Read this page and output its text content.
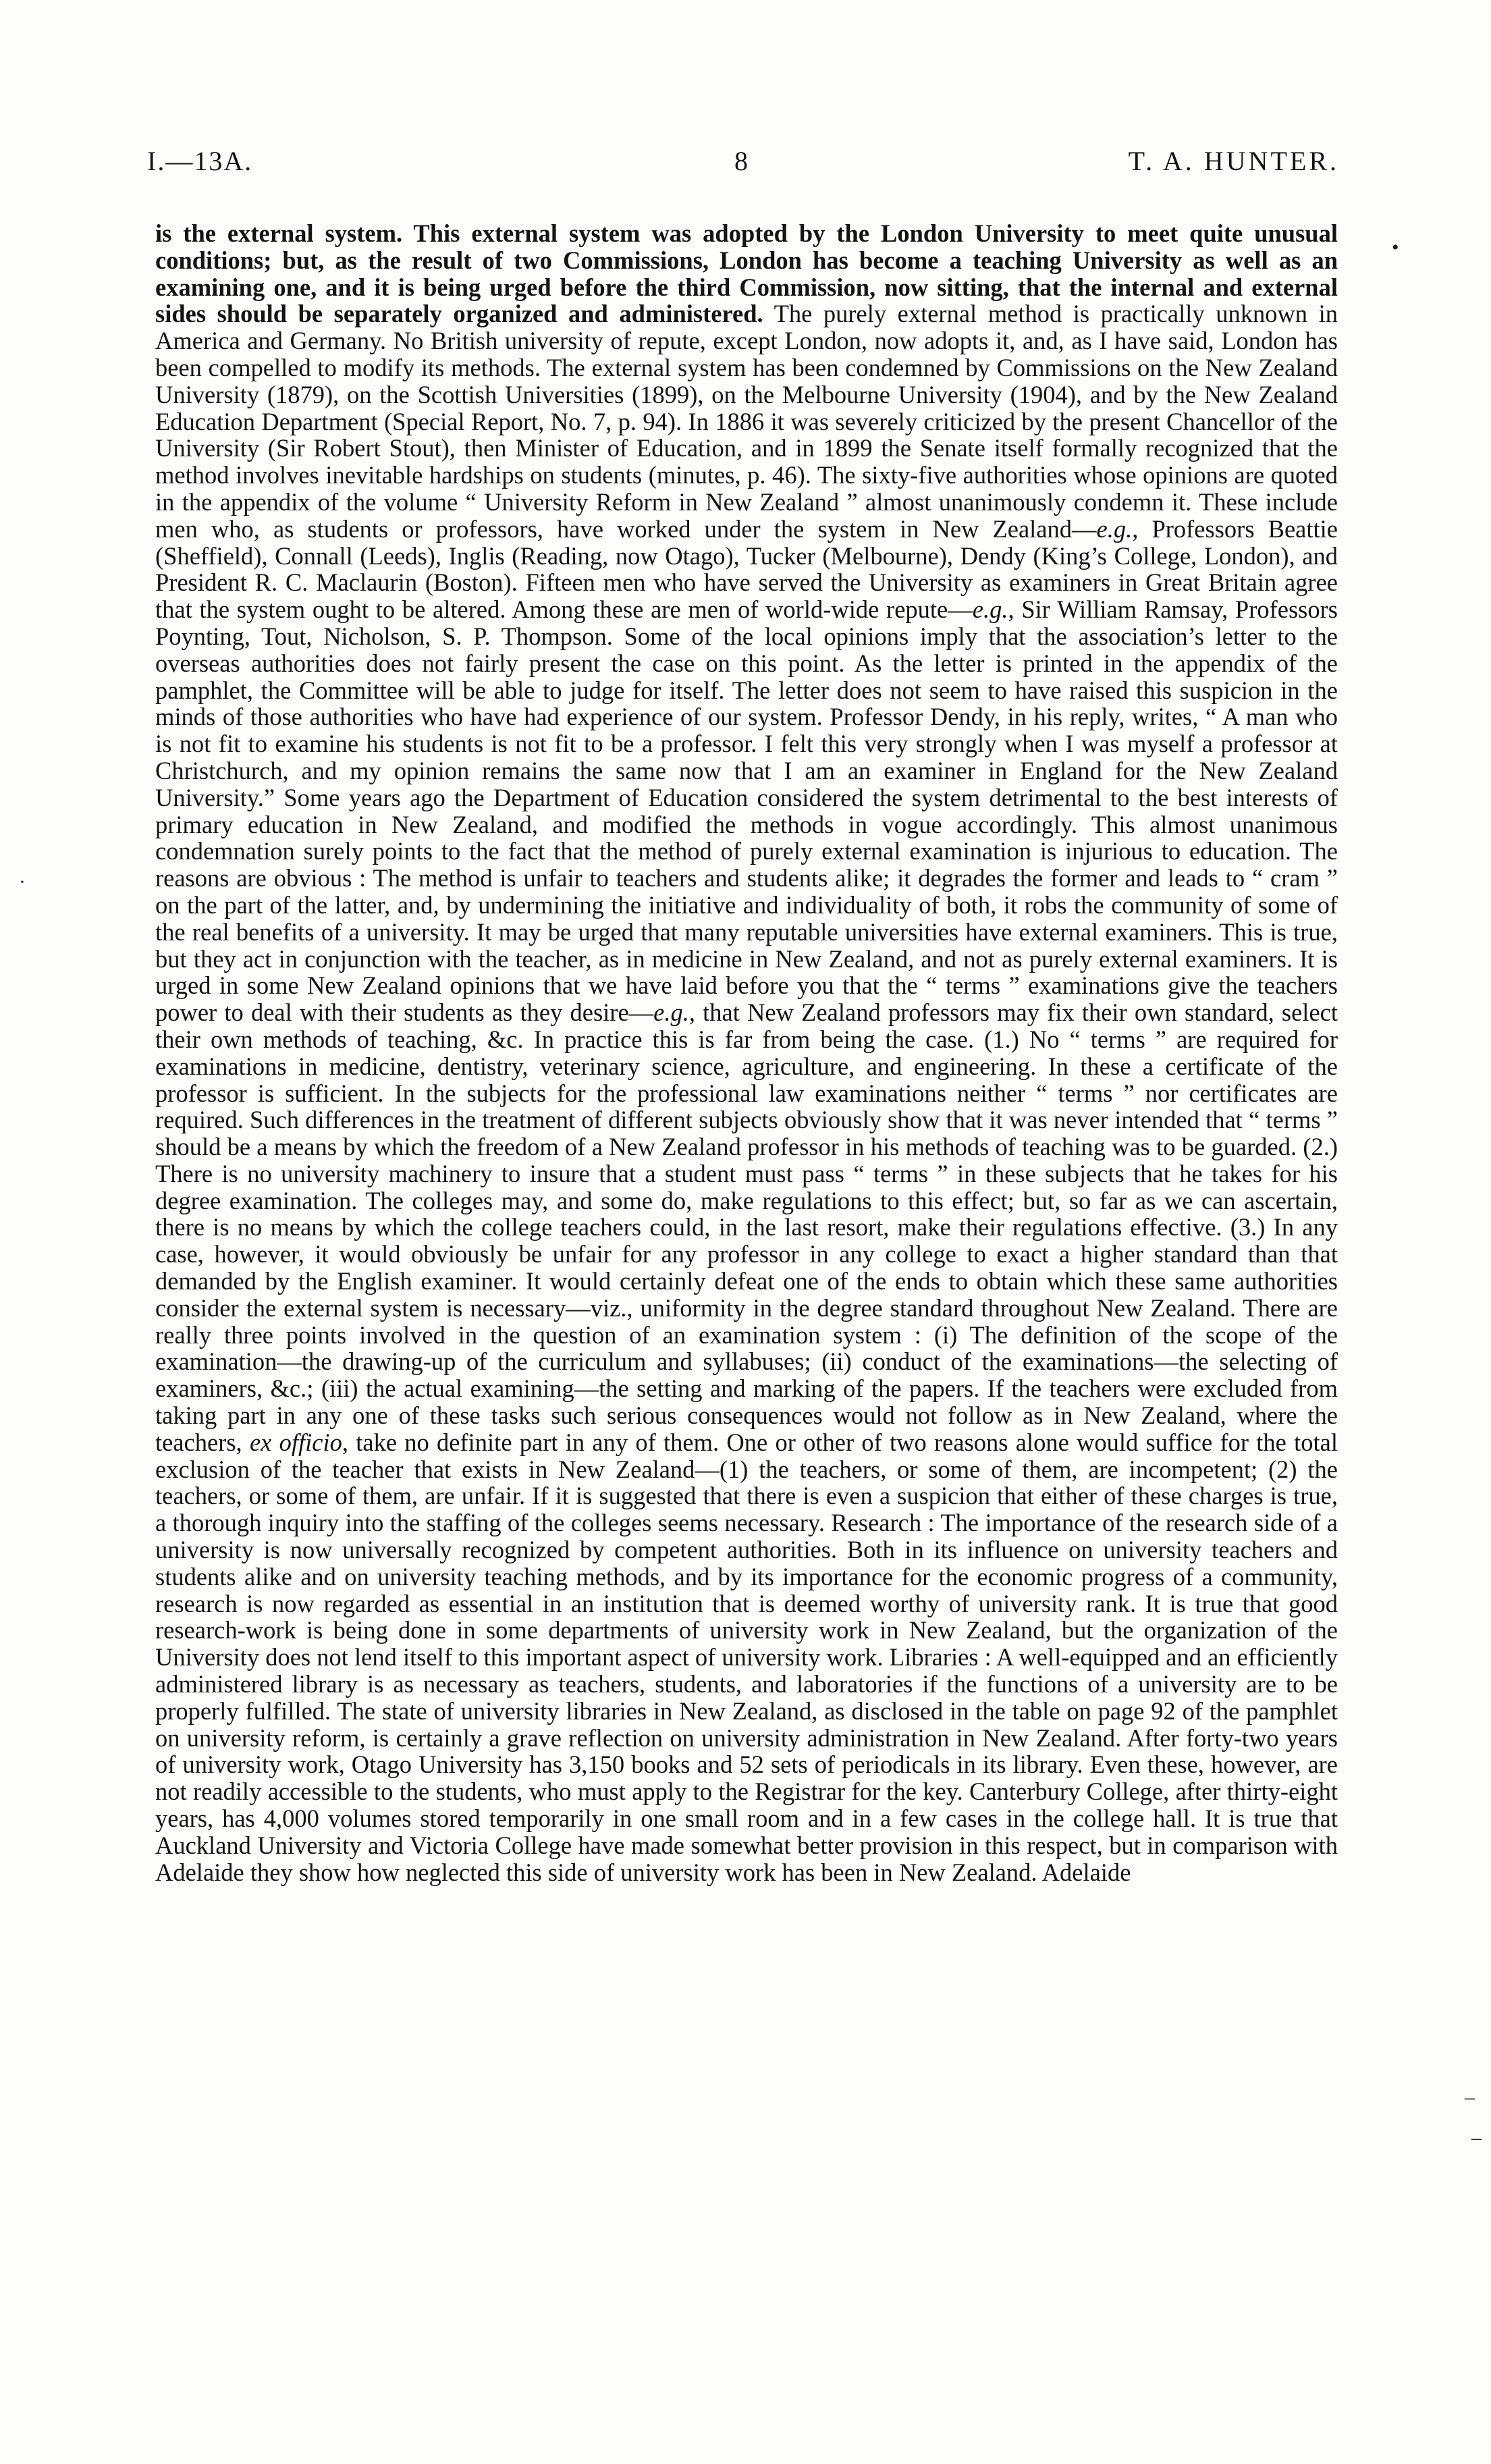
I.—13A.	8	T. A. HUNTER.

is the external system. This external system was adopted by the London University to meet quite unusual conditions; but, as the result of two Commissions, London has become a teaching University as well as an examining one, and it is being urged before the third Commission, now sitting, that the internal and external sides should be separately organized and administered. The purely external method is practically unknown in America and Germany. No British university of repute, except London, now adopts it, and, as I have said, London has been compelled to modify its methods. The external system has been condemned by Commissions on the New Zealand University (1879), on the Scottish Universities (1899), on the Melbourne University (1904), and by the New Zealand Education Department (Special Report, No. 7, p. 94). In 1886 it was severely criticized by the present Chancellor of the University (Sir Robert Stout), then Minister of Education, and in 1899 the Senate itself formally recognized that the method involves inevitable hardships on students (minutes, p. 46). The sixty-five authorities whose opinions are quoted in the appendix of the volume “ University Reform in New Zealand ” almost unanimously condemn it. These include men who, as students or professors, have worked under the system in New Zealand—e.g., Professors Beattie (Sheffield), Connall (Leeds), Inglis (Reading, now Otago), Tucker (Melbourne), Dendy (King’s College, London), and President R. C. Maclaurin (Boston). Fifteen men who have served the University as examiners in Great Britain agree that the system ought to be altered. Among these are men of world-wide repute—e.g., Sir William Ramsay, Professors Poynting, Tout, Nicholson, S. P. Thompson. Some of the local opinions imply that the association’s letter to the overseas authorities does not fairly present the case on this point. As the letter is printed in the appendix of the pamphlet, the Committee will be able to judge for itself. The letter does not seem to have raised this suspicion in the minds of those authorities who have had experience of our system. Professor Dendy, in his reply, writes, “ A man who is not fit to examine his students is not fit to be a professor. I felt this very strongly when I was myself a professor at Christchurch, and my opinion remains the same now that I am an examiner in England for the New Zealand University.” Some years ago the Department of Education considered the system detrimental to the best interests of primary education in New Zealand, and modified the methods in vogue accordingly. This almost unanimous condemnation surely points to the fact that the method of purely external examination is injurious to education. The reasons are obvious : The method is unfair to teachers and students alike; it degrades the former and leads to “ cram ” on the part of the latter, and, by undermining the initiative and individuality of both, it robs the community of some of the real benefits of a university. It may be urged that many reputable universities have external examiners. This is true, but they act in conjunction with the teacher, as in medicine in New Zealand, and not as purely external examiners. It is urged in some New Zealand opinions that we have laid before you that the “ terms ” examinations give the teachers power to deal with their students as they desire—e.g., that New Zealand professors may fix their own standard, select their own methods of teaching, &c. In practice this is far from being the case. (1.) No “ terms ” are required for examinations in medicine, dentistry, veterinary science, agriculture, and engineering. In these a certificate of the professor is sufficient. In the subjects for the professional law examinations neither “ terms ” nor certificates are required. Such differences in the treatment of different subjects obviously show that it was never intended that “ terms ” should be a means by which the freedom of a New Zealand professor in his methods of teaching was to be guarded. (2.) There is no university machinery to insure that a student must pass “ terms ” in these subjects that he takes for his degree examination. The colleges may, and some do, make regulations to this effect; but, so far as we can ascertain, there is no means by which the college teachers could, in the last resort, make their regulations effective. (3.) In any case, however, it would obviously be unfair for any professor in any college to exact a higher standard than that demanded by the English examiner. It would certainly defeat one of the ends to obtain which these same authorities consider the external system is necessary—viz., uniformity in the degree standard throughout New Zealand. There are really three points involved in the question of an examination system : (i) The definition of the scope of the examination—the drawing-up of the curriculum and syllabuses; (ii) conduct of the examinations—the selecting of examiners, &c.; (iii) the actual examining—the setting and marking of the papers. If the teachers were excluded from taking part in any one of these tasks such serious consequences would not follow as in New Zealand, where the teachers, ex officio, take no definite part in any of them. One or other of two reasons alone would suffice for the total exclusion of the teacher that exists in New Zealand—(1) the teachers, or some of them, are incompetent; (2) the teachers, or some of them, are unfair. If it is suggested that there is even a suspicion that either of these charges is true, a thorough inquiry into the staffing of the colleges seems necessary. Research : The importance of the research side of a university is now universally recognized by competent authorities. Both in its influence on university teachers and students alike and on university teaching methods, and by its importance for the economic progress of a community, research is now regarded as essential in an institution that is deemed worthy of university rank. It is true that good research-work is being done in some departments of university work in New Zealand, but the organization of the University does not lend itself to this important aspect of university work. Libraries : A well-equipped and an efficiently administered library is as necessary as teachers, students, and laboratories if the functions of a university are to be properly fulfilled. The state of university libraries in New Zealand, as disclosed in the table on page 92 of the pamphlet on university reform, is certainly a grave reflection on university administration in New Zealand. After forty-two years of university work, Otago University has 3,150 books and 52 sets of periodicals in its library. Even these, however, are not readily accessible to the students, who must apply to the Registrar for the key. Canterbury College, after thirty-eight years, has 4,000 volumes stored temporarily in one small room and in a few cases in the college hall. It is true that Auckland University and Victoria College have made somewhat better provision in this respect, but in comparison with Adelaide they show how neglected this side of university work has been in New Zealand. Adelaide

•
·
–
–
